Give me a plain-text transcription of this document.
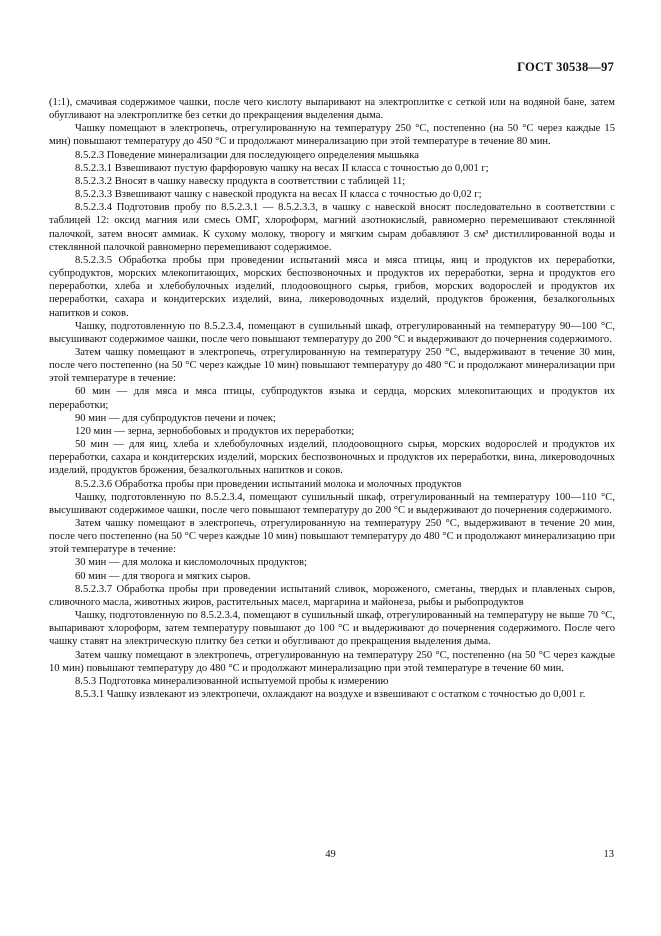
ГОСТ 30538—97

(1:1), смачивая содержимое чашки, после чего кислоту выпаривают на электроплитке с сеткой или на водяной бане, затем обугливают на электроплитке без сетки до прекращения выделения дыма.

Чашку помещают в электропечь, отрегулированную на температуру 250 °С, постепенно (на 50 °С через каждые 15 мин) повышают температуру до 450 °С и продолжают минерализацию при этой температуре в течение 80 мин.

8.5.2.3 Поведение минерализации для последующего определения мышьяка

8.5.2.3.1 Взвешивают пустую фарфоровую чашку на весах II класса с точностью до 0,001 г;

8.5.2.3.2 Вносят в чашку навеску продукта в соответствии с таблицей 11;

8.5.2.3.3 Взвешивают чашку с навеской продукта на весах II класса с точностью до 0,02 г;

8.5.2.3.4 Подготовив пробу по 8.5.2.3.1 — 8.5.2.3.3, в чашку с навеской вносят последовательно в соответствии с таблицей 12: оксид магния или смесь ОМГ, хлороформ, магний азотнокислый, равномерно перемешивают стеклянной палочкой, затем вносят аммиак. К сухому молоку, творогу и мягким сырам добавляют 3 см³ дистиллированной воды и стеклянной палочкой равномерно перемешивают содержимое.

8.5.2.3.5 Обработка пробы при проведении испытаний мяса и мяса птицы, яиц и продуктов их переработки, субпродуктов, морских млекопитающих, морских беспозвоночных и продуктов их переработки, зерна и продуктов его переработки, хлеба и хлебобулочных изделий, плодоовощного сырья, грибов, морских водорослей и продуктов их переработки, сахара и кондитерских изделий, вина, ликероводочных изделий, продуктов брожения, безалкогольных напитков и соков.

Чашку, подготовленную по 8.5.2.3.4, помещают в сушильный шкаф, отрегулированный на температуру 90—100 °С, высушивают содержимое чашки, после чего повышают температуру до 200 °С и выдерживают до почернения содержимого.

Затем чашку помещают в электропечь, отрегулированную на температуру 250 °С, выдерживают в течение 30 мин, после чего постепенно (на 50 °С через каждые 10 мин) повышают температуру до 480 °С и продолжают минерализации при этой температуре в течение:

60 мин — для мяса и мяса птицы, субпродуктов языка и сердца, морских млекопитающих и продуктов их переработки;

90 мин — для субпродуктов печени и почек;

120 мин — зерна, зернобобовых и продуктов их переработки;

50 мин — для яиц, хлеба и хлебобулочных изделий, плодоовощного сырья, морских водорослей и продуктов их переработки, сахара и кондитерских изделий, морских беспозвоночных и продуктов их переработки, вина, ликероводочных изделий, продуктов брожения, безалкогольных напитков и соков.

8.5.2.3.6 Обработка пробы при проведении испытаний молока и молочных продуктов

Чашку, подготовленную по 8.5.2.3.4, помещают сушильный шкаф, отрегулированный на температуру 100—110 °С, высушивают содержимое чашки, после чего повышают температуру до 200 °С и выдерживают до почернения содержимого.

Затем чашку помещают в электропечь, отрегулированную на температуру 250 °С, выдерживают в течение 20 мин, после чего постепенно (на 50 °С через каждые 10 мин) повышают температуру до 480 °С и продолжают минерализацию при этой температуре в течение:

30 мин — для молока и кисломолочных продуктов;

60 мин — для творога и мягких сыров.

8.5.2.3.7 Обработка пробы при проведении испытаний сливок, мороженого, сметаны, твердых и плавленых сыров, сливочного масла, животных жиров, растительных масел, маргарина и майонеза, рыбы и рыбопродуктов

Чашку, подготовленную по 8.5.2.3.4, помещают в сушильный шкаф, отрегулированный на температуру не выше 70 °С, выпаривают хлороформ, затем температуру повышают до 100 °С и выдерживают до почернения содержимого. После чего чашку ставят на электрическую плитку без сетки и обугливают до прекращения выделения дыма.

Затем чашку помещают в электропечь, отрегулированную на температуру 250 °С, постепенно (на 50 °С через каждые 10 мин) повышают температуру до 480 °С и продолжают минерализацию при этой температуре в течение 60 мин.

8.5.3 Подготовка минерализованной испытуемой пробы к измерению

8.5.3.1 Чашку извлекают из электропечи, охлаждают на воздухе и взвешивают с остатком с точностью до 0,001 г.

49	13
